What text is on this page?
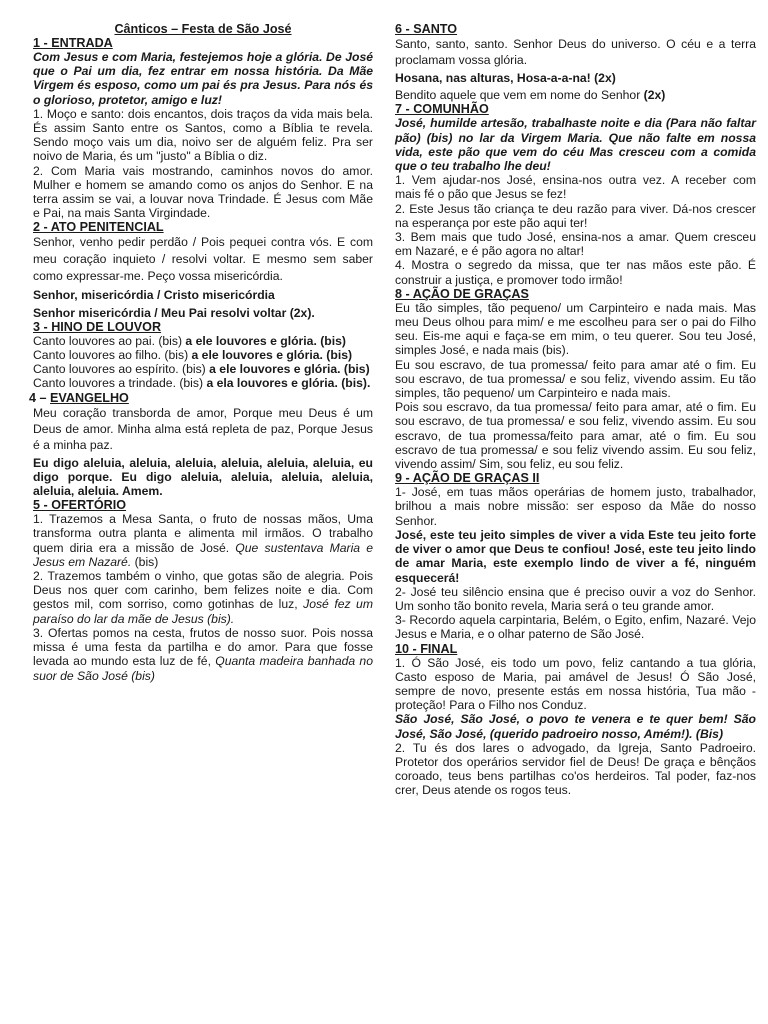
Cânticos – Festa de São José
1 - ENTRADA
Com Jesus e com Maria, festejemos hoje a glória. De José que o Pai um dia, fez entrar em nossa história. Da Mãe Virgem és esposo, como um pai és pra Jesus. Para nós és o glorioso, protetor, amigo e luz!
1. Moço e santo: dois encantos, dois traços da vida mais bela. És assim Santo entre os Santos, como a Bíblia te revela. Sendo moço vais um dia, noivo ser de alguém feliz. Pra ser noivo de Maria, és um "justo" a Bíblia o diz.
2. Com Maria vais mostrando, caminhos novos do amor. Mulher e homem se amando como os anjos do Senhor. E na terra assim se vai, a louvar nova Trindade. É Jesus com Mãe e Pai, na mais Santa Virgindade.
2 - ATO PENITENCIAL
Senhor, venho pedir perdão / Pois pequei contra vós. E com meu coração inquieto / resolvi voltar. E mesmo sem saber como expressar-me. Peço vossa misericórdia.
Senhor, misericórdia / Cristo misericórdia
Senhor misericórdia / Meu Pai resolvi voltar (2x).
3 - HINO DE LOUVOR
Canto louvores ao pai. (bis) a ele louvores e glória. (bis)
Canto louvores ao filho. (bis) a ele louvores e glória. (bis)
Canto louvores ao espírito. (bis) a ele louvores e glória. (bis)
Canto louvores a trindade. (bis) a ela louvores e glória. (bis).
4 – EVANGELHO
Meu coração transborda de amor, Porque meu Deus é um Deus de amor. Minha alma está repleta de paz, Porque Jesus é a minha paz.
Eu digo aleluia, aleluia, aleluia, aleluia, aleluia, aleluia, eu digo porque. Eu digo aleluia, aleluia, aleluia, aleluia, aleluia, aleluia. Amem.
5 - OFERTÓRIO
1. Trazemos a Mesa Santa, o fruto de nossas mãos, Uma transforma outra planta e alimenta mil irmãos. O trabalho quem diria era a missão de José. Que sustentava Maria e Jesus em Nazaré. (bis)
2. Trazemos também o vinho, que gotas são de alegria. Pois Deus nos quer com carinho, bem felizes noite e dia. Com gestos mil, com sorriso, como gotinhas de luz, José fez um paraíso do lar da mãe de Jesus (bis).
3. Ofertas pomos na cesta, frutos de nosso suor. Pois nossa missa é uma festa da partilha e do amor. Para que fosse levada ao mundo esta luz de fé, Quanta madeira banhada no suor de São José (bis)
6 - SANTO
Santo, santo, santo. Senhor Deus do universo. O céu e a terra proclamam vossa glória.
Hosana, nas alturas, Hosa-a-a-na! (2x)
Bendito aquele que vem em nome do Senhor (2x)
7 - COMUNHÃO
José, humilde artesão, trabalhaste noite e dia (Para não faltar pão) (bis) no lar da Virgem Maria. Que não falte em nossa vida, este pão que vem do céu Mas cresceu com a comida que o teu trabalho lhe deu!
1. Vem ajudar-nos José, ensina-nos outra vez. A receber com mais fé o pão que Jesus se fez!
2. Este Jesus tão criança te deu razão para viver. Dá-nos crescer na esperança por este pão aqui ter!
3. Bem mais que tudo José, ensina-nos a amar. Quem cresceu em Nazaré, e é pão agora no altar!
4. Mostra o segredo da missa, que ter nas mãos este pão. É construir a justiça, e promover todo irmão!
8 - AÇÃO DE GRAÇAS
Eu tão simples, tão pequeno/ um Carpinteiro e nada mais. Mas meu Deus olhou para mim/ e me escolheu para ser o pai do Filho seu. Eis-me aqui e faça-se em mim, o teu querer. Sou teu José, simples José, e nada mais (bis).
Eu sou escravo, de tua promessa/ feito para amar até o fim. Eu sou escravo, de tua promessa/ e sou feliz, vivendo assim. Eu tão simples, tão pequeno/ um Carpinteiro e nada mais.
Pois sou escravo, da tua promessa/ feito para amar, até o fim. Eu sou escravo, de tua promessa/ e sou feliz, vivendo assim. Eu sou escravo, de tua promessa/feito para amar, até o fim. Eu sou escravo de tua promessa/ e sou feliz vivendo assim. Eu sou feliz, vivendo assim/ Sim, sou feliz, eu sou feliz.
9 - AÇÃO DE GRAÇAS II
1- José, em tuas mãos operárias de homem justo, trabalhador, brilhou a mais nobre missão: ser esposo da Mãe do nosso Senhor.
José, este teu jeito simples de viver a vida Este teu jeito forte de viver o amor que Deus te confiou! José, este teu jeito lindo de amar Maria, este exemplo lindo de viver a fé, ninguém esquecerá!
2- José teu silêncio ensina que é preciso ouvir a voz do Senhor. Um sonho tão bonito revela, Maria será o teu grande amor.
3- Recordo aquela carpintaria, Belém, o Egito, enfim, Nazaré. Vejo Jesus e Maria, e o olhar paterno de São José.
10 - FINAL
1. Ó São José, eis todo um povo, feliz cantando a tua glória, Casto esposo de Maria, pai amável de Jesus! Ó São José, sempre de novo, presente estás em nossa história, Tua mão - proteção! Para o Filho nos Conduz.
São José, São José, o povo te venera e te quer bem! São José, São José, (querido padroeiro nosso, Amém!). (Bis)
2. Tu és dos lares o advogado, da Igreja, Santo Padroeiro. Protetor dos operários servidor fiel de Deus! De graça e bênçãos coroado, teus bens partilhas co'os herdeiros. Tal poder, faz-nos crer, Deus atende os rogos teus.
